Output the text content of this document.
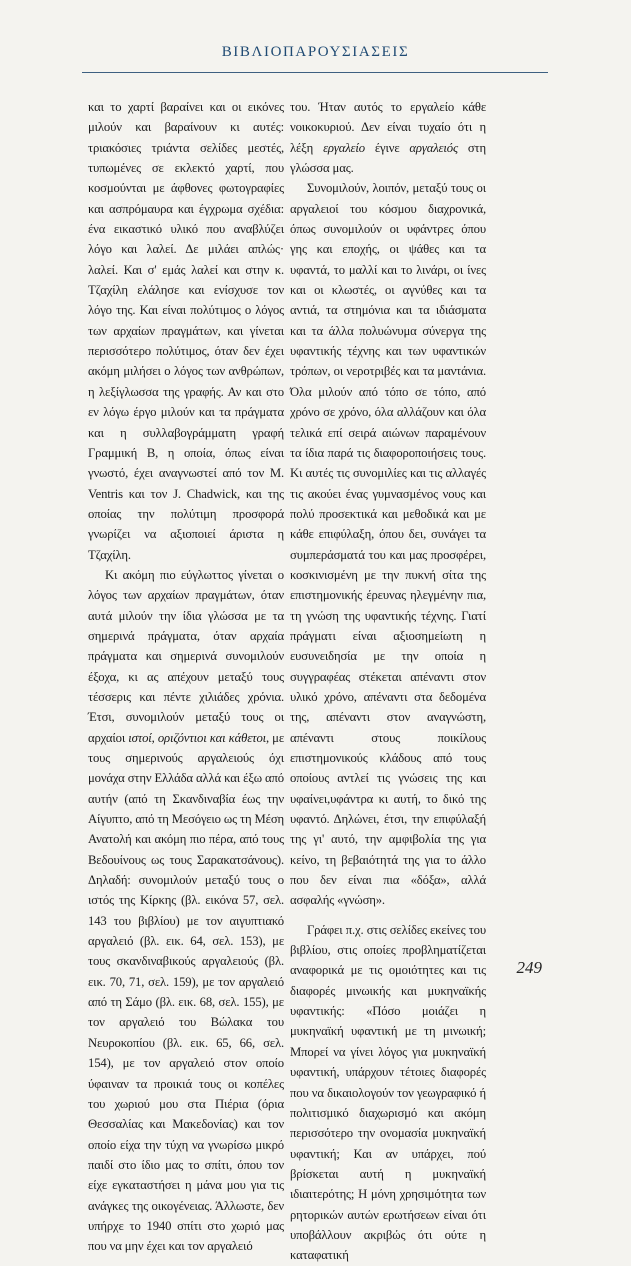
ΒΙΒΛΙΟΠΑΡΟΥΣΙΑΣΕΙΣ

και το χαρτί βαραίνει και οι εικόνες μιλούν και βαραίνουν κι αυτές: τριακόσιες τριάντα σελίδες μεστές, τυπωμένες σε εκλεκτό χαρτί, που κοσμούνται με άφθονες φωτογραφίες και ασπρόμαυρα και έγχρωμα σχέδια: ένα εικαστικό υλικό που αναβλύζει λόγο και λαλεί. Δε μιλάει απλώς· λαλεί. Και σ' εμάς λαλεί και στην κ. Τζαχίλη ελάλησε και ενίσχυσε τον λόγο της. Και είναι πολύτιμος ο λόγος των αρχαίων πραγμάτων, και γίνεται περισσότερο πολύτιμος, όταν δεν έχει ακόμη μιλήσει ο λόγος των ανθρώπων, η λεξίγλωσσα της γραφής. Αν και στο εν λόγω έργο μιλούν και τα πράγματα και η συλλαβογράμματη γραφή Γραμμική Β, η οποία, όπως είναι γνωστό, έχει αναγνωστεί από τον M. Ventris και τον J. Chadwick, και της οποίας την πολύτιμη προσφορά γνωρίζει να αξιοποιεί άριστα η Τζαχίλη.

Κι ακόμη πιο εύγλωττος γίνεται ο λόγος των αρχαίων πραγμάτων, όταν αυτά μιλούν την ίδια γλώσσα με τα σημερινά πράγματα, όταν αρχαία πράγματα και σημερινά συνομιλούν έξοχα, κι ας απέχουν μεταξύ τους τέσσερις και πέντε χιλιάδες χρόνια. Έτσι, συνομιλούν μεταξύ τους οι αρχαίοι ιστοί, οριζόντιοι και κάθετοι, με τους σημερινούς αργαλειούς όχι μονάχα στην Ελλάδα αλλά και έξω από αυτήν (από τη Σκανδιναβία έως την Αίγυπτο, από τη Μεσόγειο ως τη Μέση Ανατολή και ακόμη πιο πέρα, από τους Βεδουίνους ως τους Σαρακατσάνους). Δηλαδή: συνομιλούν μεταξύ τους ο ιστός της Κίρκης (βλ. εικόνα 57, σελ. 143 του βιβλίου) με τον αιγυπτιακό αργαλειό (βλ. εικ. 64, σελ. 153), με τους σκανδιναβικούς αργαλειούς (βλ. εικ. 70, 71, σελ. 159), με τον αργαλειό από τη Σάμο (βλ. εικ. 68, σελ. 155), με τον αργαλειό του Βώλακα του Νευροκοπίου (βλ. εικ. 65, 66, σελ. 154), με τον αργαλειό στον οποίο ύφαιναν τα προικιά τους οι κοπέλες του χωριού μου στα Πιέρια (όρια Θεσσαλίας και Μακεδονίας) και τον οποίο είχα την τύχη να γνωρίσω μικρό παιδί στο ίδιο μας το σπίτι, όπου τον είχε εγκαταστήσει η μάνα μου για τις ανάγκες της οικογένειας. Άλλωστε, δεν υπήρχε το 1940 σπίτι στο χωριό μας που να μην έχει και τον αργαλειό

του. Ήταν αυτός το εργαλείο κάθε νοικοκυριού. Δεν είναι τυχαίο ότι η λέξη εργαλείο έγινε αργαλειός στη γλώσσα μας.

Συνομιλούν, λοιπόν, μεταξύ τους οι αργαλειοί του κόσμου διαχρονικά, όπως συνομιλούν οι υφάντρες όπου γης και εποχής, οι ψάθες και τα υφαντά, το μαλλί και το λινάρι, οι ίνες και οι κλωστές, οι αγνύθες και τα αντιά, τα στημόνια και τα ιδιάσματα και τα άλλα πολυώνυμα σύνεργα της υφαντικής τέχνης και των υφαντικών τρόπων, οι νεροτριβές και τα μαντάνια. Όλα μιλούν από τόπο σε τόπο, από χρόνο σε χρόνο, όλα αλλάζουν και όλα τελικά επί σειρά αιώνων παραμένουν τα ίδια παρά τις διαφοροποιήσεις τους. Κι αυτές τις συνομιλίες και τις αλλαγές τις ακούει ένας γυμνασμένος νους και πολύ προσεκτικά και μεθοδικά και με κάθε επιφύλαξη, όπου δει, συνάγει τα συμπεράσματά του και μας προσφέρει, κοσκινισμένη με την πυκνή σίτα της επιστημονικής έρευνας ηλεγμένην πια, τη γνώση της υφαντικής τέχνης. Γιατί πράγματι είναι αξιοσημείωτη η ευσυνειδησία με την οποία η συγγραφέας στέκεται απέναντι στον υλικό χρόνο, απέναντι στα δεδομένα της, απέναντι στον αναγνώστη, απέναντι στους ποικίλους επιστημονικούς κλάδους από τους οποίους αντλεί τις γνώσεις της και υφαίνει,υφάντρα κι αυτή, το δικό της υφαντό. Δηλώνει, έτσι, την επιφύλαξή της γι' αυτό, την αμφιβολία της για κείνο, τη βεβαιότητά της για το άλλο που δεν είναι πια «δόξα», αλλά ασφαλής «γνώση».

Γράφει π.χ. στις σελίδες εκείνες του βιβλίου, στις οποίες προβληματίζεται αναφορικά με τις ομοιότητες και τις διαφορές μινωικής και μυκηναϊκής υφαντικής: «Πόσο μοιάζει η μυκηναϊκή υφαντική με τη μινωική; Μπορεί να γίνει λόγος για μυκηναϊκή υφαντική, υπάρχουν τέτοιες διαφορές που να δικαιολογούν τον γεωγραφικό ή πολιτισμικό διαχωρισμό και ακόμη περισσότερο την ονομασία μυκηναϊκή υφαντική; Και αν υπάρχει, πού βρίσκεται αυτή η μυκηναϊκή ιδιαιτερότης; Η μόνη χρησιμότητα των ρητορικών αυτών ερωτήσεων είναι ότι υποβάλλουν ακριβώς ότι ούτε η καταφατική

249
